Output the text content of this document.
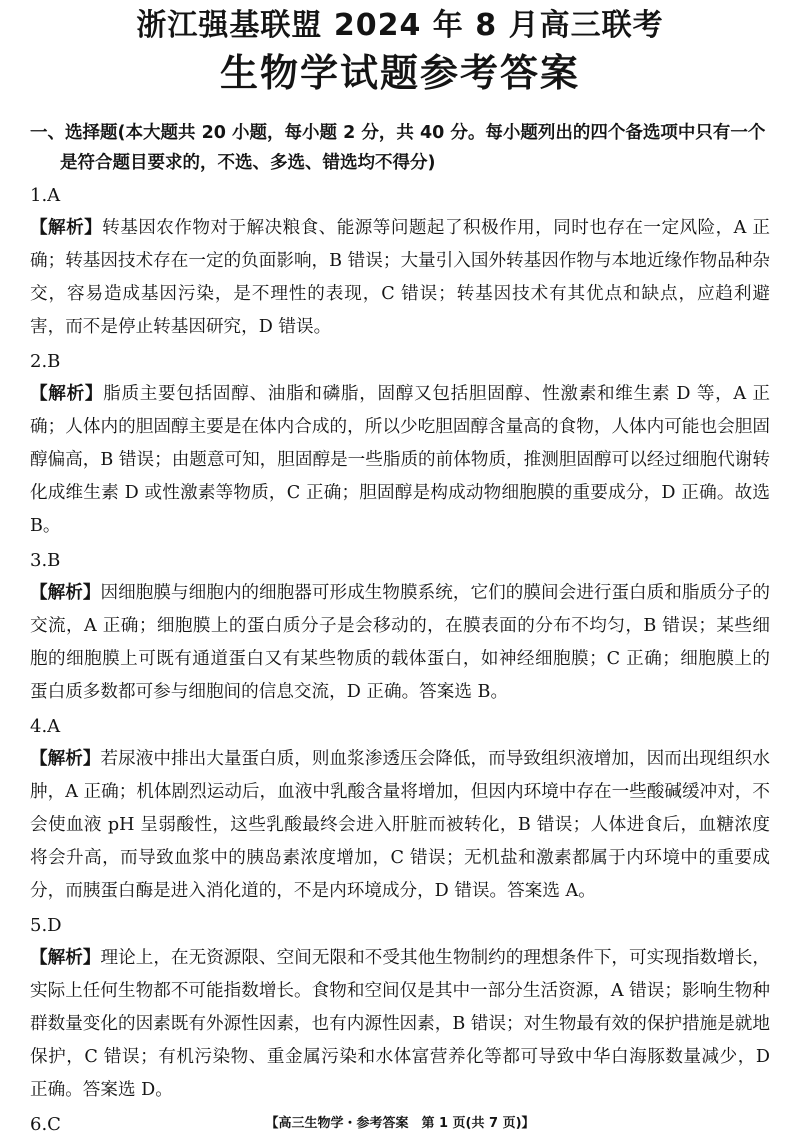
浙江强基联盟 2024 年 8 月高三联考
生物学试题参考答案
一、选择题(本大题共 20 小题，每小题 2 分，共 40 分。每小题列出的四个备选项中只有一个是符合题目要求的，不选、多选、错选均不得分)
1.A
【解析】转基因农作物对于解决粮食、能源等问题起了积极作用，同时也存在一定风险，A 正确；转基因技术存在一定的负面影响，B 错误；大量引入国外转基因作物与本地近缘作物品种杂交，容易造成基因污染，是不理性的表现，C 错误；转基因技术有其优点和缺点，应趋利避害，而不是停止转基因研究，D 错误。
2.B
【解析】脂质主要包括固醇、油脂和磷脂，固醇又包括胆固醇、性激素和维生素 D 等，A 正确；人体内的胆固醇主要是在体内合成的，所以少吃胆固醇含量高的食物，人体内可能也会胆固醇偏高，B 错误；由题意可知，胆固醇是一些脂质的前体物质，推测胆固醇可以经过细胞代谢转化成维生素 D 或性激素等物质，C 正确；胆固醇是构成动物细胞膜的重要成分，D 正确。故选 B。
3.B
【解析】因细胞膜与细胞内的细胞器可形成生物膜系统，它们的膜间会进行蛋白质和脂质分子的交流，A 正确；细胞膜上的蛋白质分子是会移动的，在膜表面的分布不均匀，B 错误；某些细胞的细胞膜上可既有通道蛋白又有某些物质的载体蛋白，如神经细胞膜；C 正确；细胞膜上的蛋白质多数都可参与细胞间的信息交流，D 正确。答案选 B。
4.A
【解析】若尿液中排出大量蛋白质，则血浆渗透压会降低，而导致组织液增加，因而出现组织水肿，A 正确；机体剧烈运动后，血液中乳酸含量将增加，但因内环境中存在一些酸碱缓冲对，不会使血液 pH 呈弱酸性，这些乳酸最终会进入肝脏而被转化，B 错误；人体进食后，血糖浓度将会升高，而导致血浆中的胰岛素浓度增加，C 错误；无机盐和激素都属于内环境中的重要成分，而胰蛋白酶是进入消化道的，不是内环境成分，D 错误。答案选 A。
5.D
【解析】理论上，在无资源限、空间无限和不受其他生物制约的理想条件下，可实现指数增长，实际上任何生物都不可能指数增长。食物和空间仅是其中一部分生活资源，A 错误；影响生物种群数量变化的因素既有外源性因素，也有内源性因素，B 错误；对生物最有效的保护措施是就地保护，C 错误；有机污染物、重金属污染和水体富营养化等都可导致中华白海豚数量减少，D 正确。答案选 D。
6.C	【高三生物学・参考答案　第 1 页(共 7 页)】
